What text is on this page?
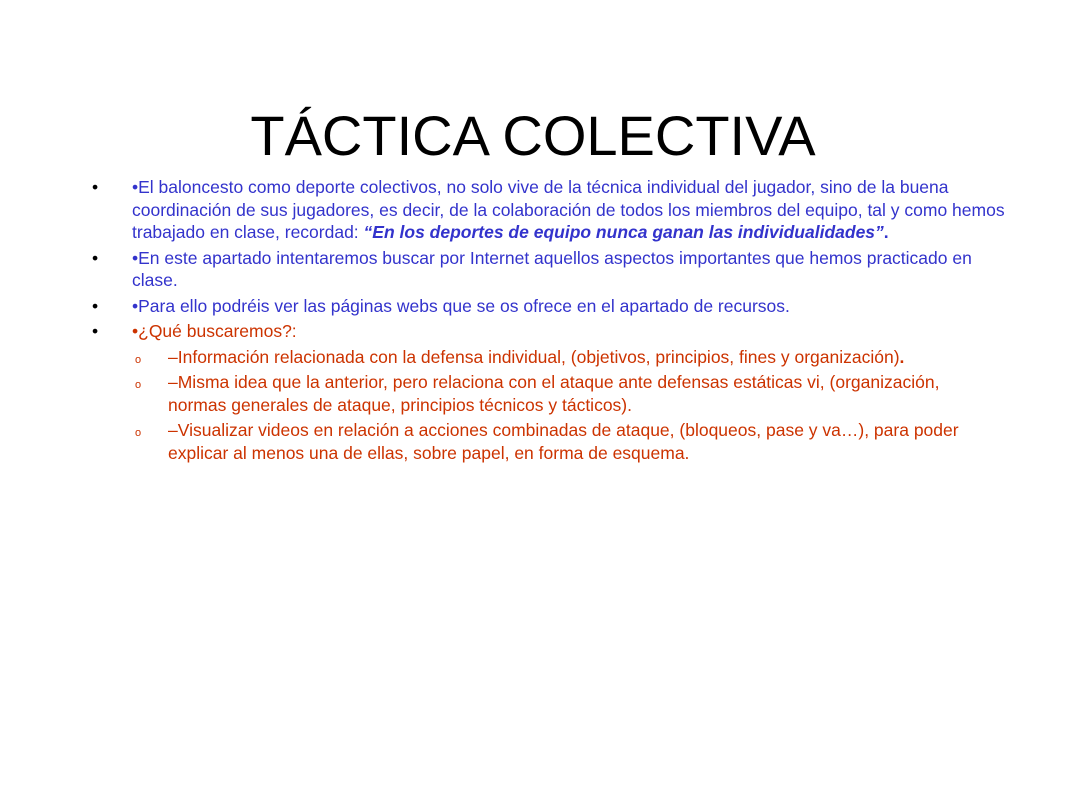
TÁCTICA COLECTIVA
• •El baloncesto como deporte colectivos, no solo vive de la técnica individual del jugador, sino de la buena coordinación de sus jugadores, es decir, de la colaboración de todos los miembros del equipo, tal y como hemos trabajado en clase, recordad: “En los deportes de equipo nunca ganan las individualidades”.
• •En este apartado intentaremos buscar por Internet aquellos aspectos importantes que hemos practicado en clase.
• •Para ello podréis ver las páginas webs que se os ofrece en el apartado de recursos.
• •¿Qué buscaremos?:
o –Información relacionada con la defensa individual, (objetivos, principios, fines y organización).
o –Misma idea que la anterior, pero relaciona con el ataque ante defensas estáticas vi, (organización, normas generales de ataque, principios técnicos y tácticos).
o –Visualizar videos en relación a acciones combinadas de ataque, (bloqueos, pase y va…), para poder explicar al menos una de ellas, sobre papel, en forma de esquema.
